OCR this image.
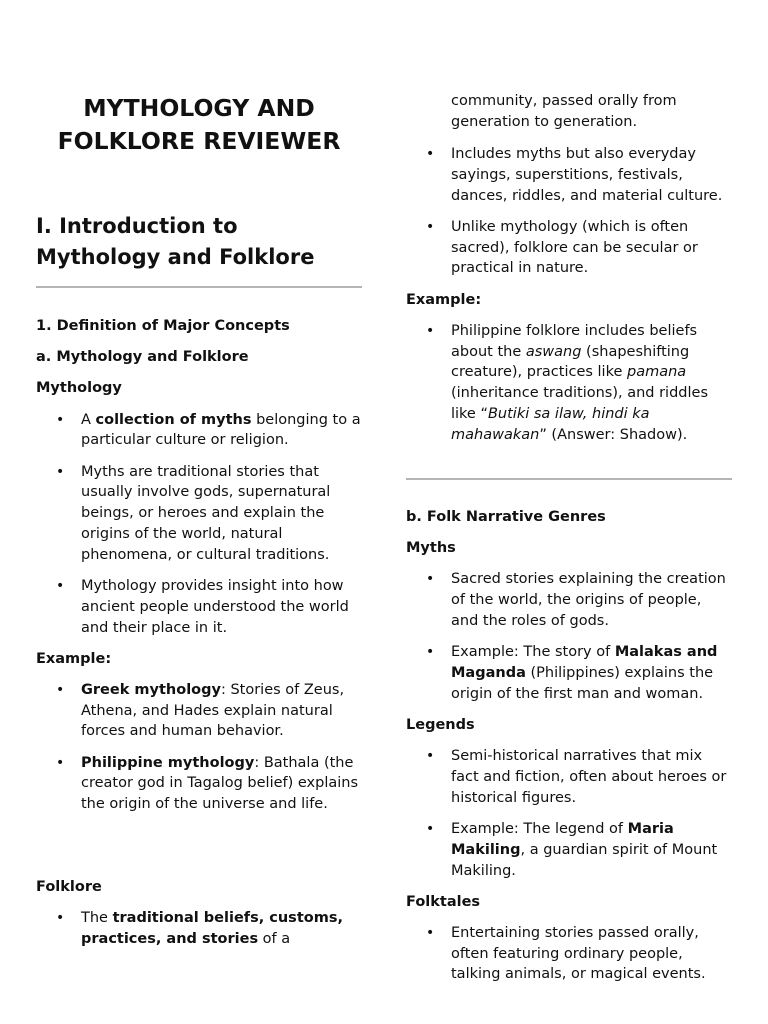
MYTHOLOGY AND FOLKLORE REVIEWER
I. Introduction to Mythology and Folklore

1. Definition of Major Concepts

a. Mythology and Folklore

Mythology

• A collection of myths belonging to a particular culture or religion.
• Myths are traditional stories that usually involve gods, supernatural beings, or heroes and explain the origins of the world, natural phenomena, or cultural traditions.
• Mythology provides insight into how ancient people understood the world and their place in it.

Example:

• Greek mythology: Stories of Zeus, Athena, and Hades explain natural forces and human behavior.
• Philippine mythology: Bathala (the creator god in Tagalog belief) explains the origin of the universe and life.

Folklore

• The traditional beliefs, customs, practices, and stories of a

community, passed orally from generation to generation.

• Includes myths but also everyday sayings, superstitions, festivals, dances, riddles, and material culture.
• Unlike mythology (which is often sacred), folklore can be secular or practical in nature.

Example:

• Philippine folklore includes beliefs about the aswang (shapeshifting creature), practices like pamana (inheritance traditions), and riddles like “Butiki sa ilaw, hindi ka mahawakan” (Answer: Shadow).

b. Folk Narrative Genres

Myths

• Sacred stories explaining the creation of the world, the origins of people, and the roles of gods.
• Example: The story of Malakas and Maganda (Philippines) explains the origin of the first man and woman.

Legends

• Semi-historical narratives that mix fact and fiction, often about heroes or historical figures.
• Example: The legend of Maria Makiling, a guardian spirit of Mount Makiling.

Folktales

• Entertaining stories passed orally, often featuring ordinary people, talking animals, or magical events.
